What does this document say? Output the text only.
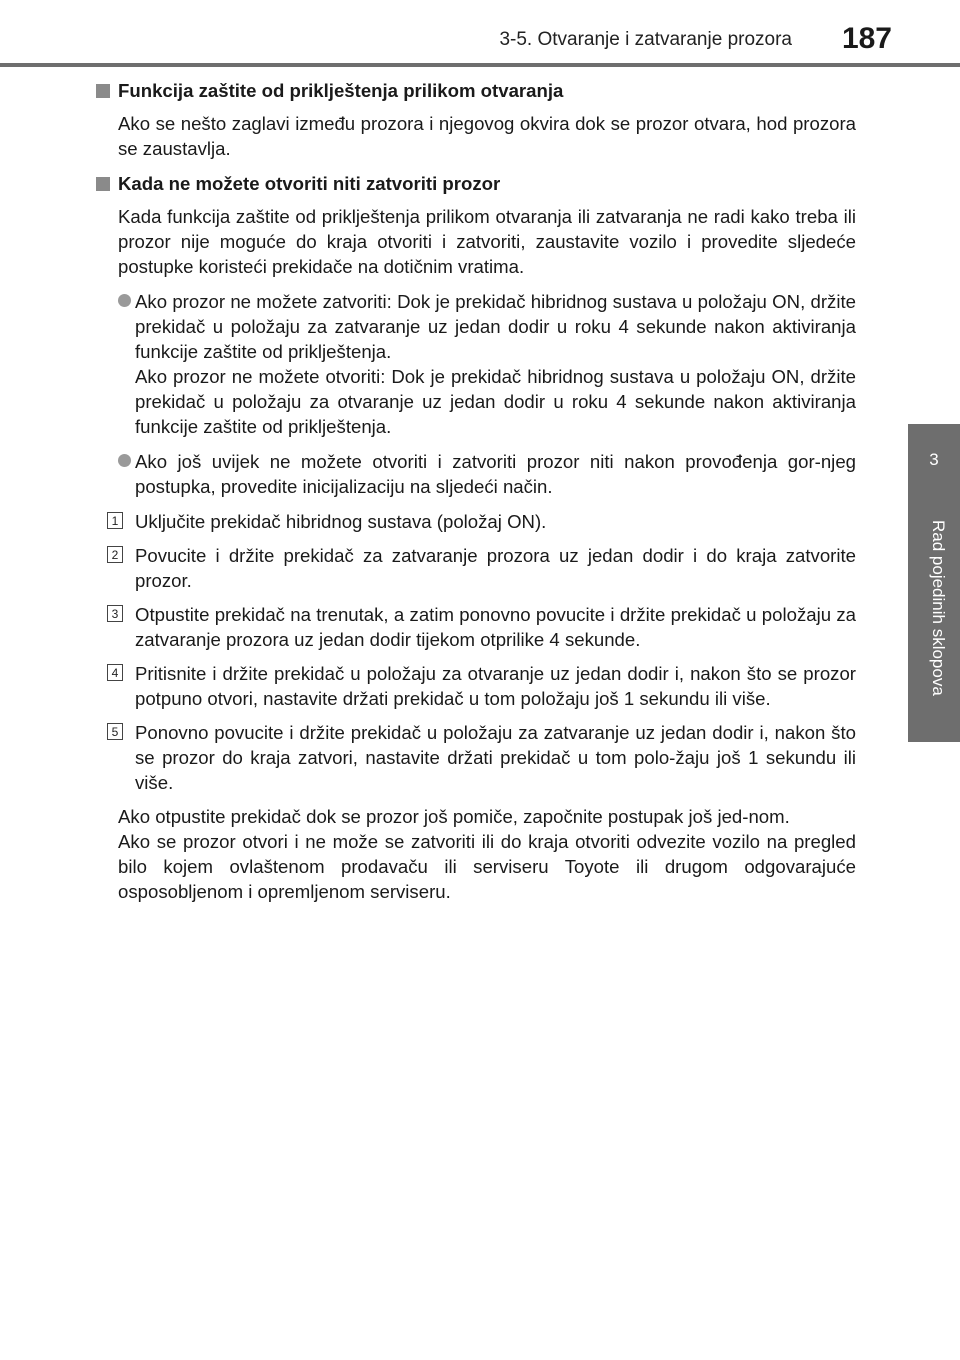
3-5. Otvaranje i zatvaranje prozora	187
3
Rad pojedinih sklopova
Funkcija zaštite od priklještenja prilikom otvaranja

Ako se nešto zaglavi između prozora i njegovog okvira dok se prozor otvara, hod prozora se zaustavlja.

Kada ne možete otvoriti niti zatvoriti prozor

Kada funkcija zaštite od priklještenja prilikom otvaranja ili zatvaranja ne radi kako treba ili prozor nije moguće do kraja otvoriti i zatvoriti, zaustavite vozilo i provedite sljedeće postupke koristeći prekidače na dotičnim vratima.

Ako prozor ne možete zatvoriti: Dok je prekidač hibridnog sustava u položaju ON, držite prekidač u položaju za zatvaranje uz jedan dodir u roku 4 sekunde nakon aktiviranja funkcije zaštite od priklještenja.
Ako prozor ne možete otvoriti: Dok je prekidač hibridnog sustava u položaju ON, držite prekidač u položaju za otvaranje uz jedan dodir u roku 4 sekunde nakon aktiviranja funkcije zaštite od priklještenja.
Ako još uvijek ne možete otvoriti i zatvoriti prozor niti nakon provođenja gor-njeg postupka, provedite inicijalizaciju na sljedeći način.
1 Uključite prekidač hibridnog sustava (položaj ON).
2 Povucite i držite prekidač za zatvaranje prozora uz jedan dodir i do kraja zatvorite prozor.
3 Otpustite prekidač na trenutak, a zatim ponovno povucite i držite prekidač u položaju za zatvaranje prozora uz jedan dodir tijekom otprilike 4 sekunde.
4 Pritisnite i držite prekidač u položaju za otvaranje uz jedan dodir i, nakon što se prozor potpuno otvori, nastavite držati prekidač u tom položaju još 1 sekundu ili više.
5 Ponovno povucite i držite prekidač u položaju za zatvaranje uz jedan dodir i, nakon što se prozor do kraja zatvori, nastavite držati prekidač u tom polo-žaju još 1 sekundu ili više.

Ako otpustite prekidač dok se prozor još pomiče, započnite postupak još jed-nom.
Ako se prozor otvori i ne može se zatvoriti ili do kraja otvoriti odvezite vozilo na pregled bilo kojem ovlaštenom prodavaču ili serviseru Toyote ili drugom odgovarajuće osposobljenom i opremljenom serviseru.
